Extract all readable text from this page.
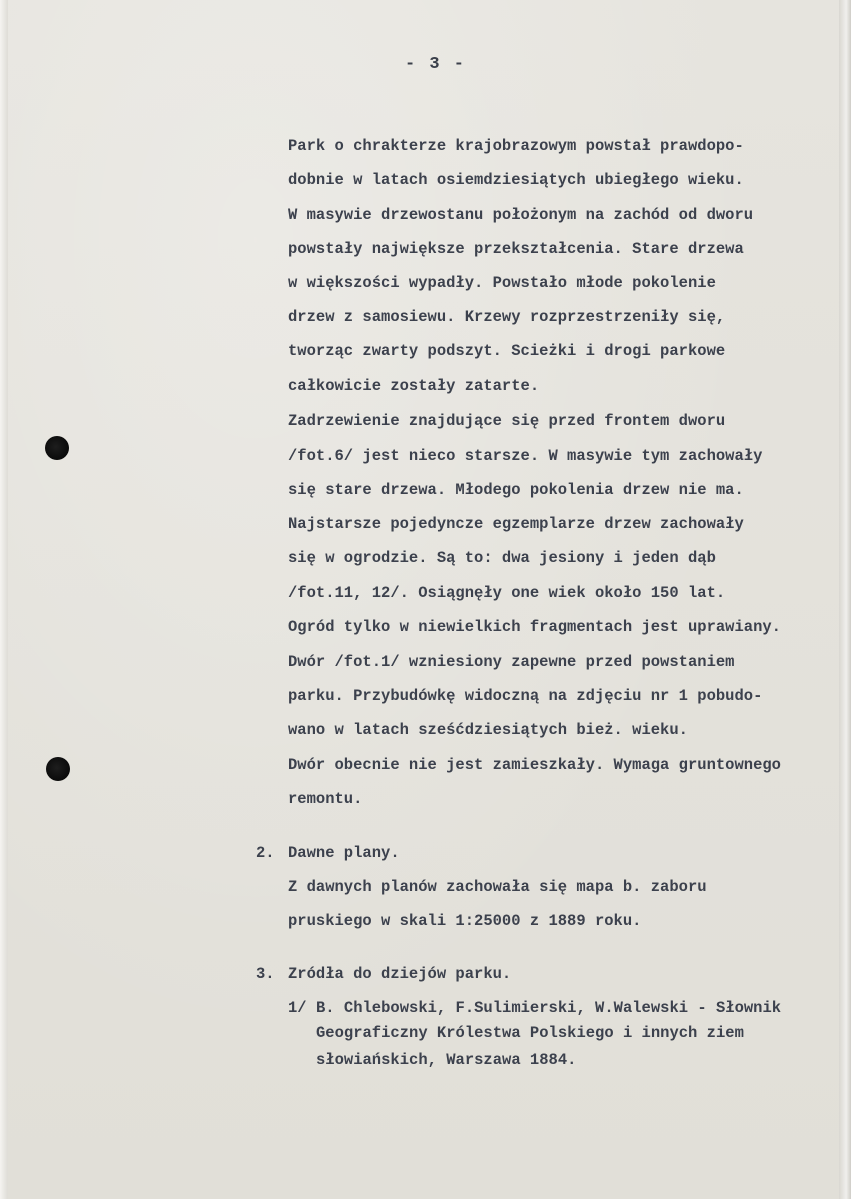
- 3 -
Park o chrakterze krajobrazowym powstał prawdopo-
dobnie w latach osiemdziesiątych ubiegłego wieku.
W masywie drzewostanu położonym na zachód od dworu
powstały największe przekształcenia. Stare drzewa
w większości wypadły. Powstało młode pokolenie
drzew z samosiewu. Krzewy rozprzestrzeniły się,
tworząc zwarty podszyt. Scieżki i drogi parkowe
całkowicie zostały zatarte.
Zadrzewienie znajdujące się przed frontem dworu
/fot.6/ jest nieco starsze. W masywie tym zachowały
się stare drzewa. Młodego pokolenia drzew nie ma.
Najstarsze pojedyncze egzemplarze drzew zachowały
się w ogrodzie. Są to: dwa jesiony i jeden dąb
/fot.11, 12/. Osiągnęły one wiek około 150 lat.
Ogród tylko w niewielkich fragmentach jest uprawiany.
Dwór /fot.1/ wzniesiony zapewne przed powstaniem
parku. Przybudówkę widoczną na zdjęciu nr 1 pobudo-
wano w latach sześćdziesiątych bież. wieku.
Dwór obecnie nie jest zamieszkały. Wymaga gruntownego
remontu.
2. Dawne plany.
Z dawnych planów zachowała się mapa b. zaboru
pruskiego w skali 1:25000 z 1889 roku.
3. Zródła do dziejów parku.
1/ B. Chlebowski, F.Sulimierski, W.Walewski - Słownik
Geograficzny Królestwa Polskiego i innych ziem
słowiańskich, Warszawa 1884.
